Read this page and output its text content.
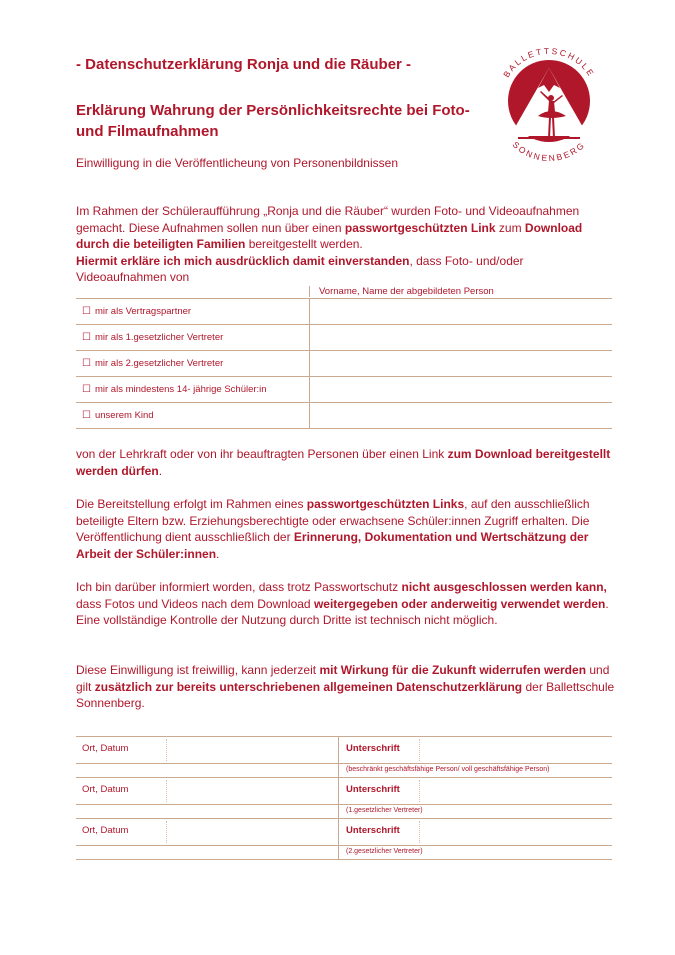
- Datenschutzerklärung Ronja und die Räuber -
Erklärung Wahrung der Persönlichkeitsrechte bei Foto- und Filmaufnahmen
Einwilligung in die Veröffentlicheung von Personenbildnissen
BALLETTSCHULE
SONNENBERG
Im Rahmen der Schüleraufführung „Ronja und die Räuber“ wurden Foto- und Videoaufnahmen gemacht. Diese Aufnahmen sollen nun über einen passwortgeschützten Link zum Download durch die beteiligten Familien bereitgestellt werden.
Hiermit erkläre ich mich ausdrücklich damit einverstanden, dass Foto- und/oder Videoaufnahmen von
Vorname, Name der abgebildeten Person
☐ mir als Vertragspartner
☐ mir als 1.gesetzlicher Vertreter
☐ mir als 2.gesetzlicher Vertreter
☐ mir als mindestens 14- jährige Schüler:in
☐ unserem Kind
von der Lehrkraft oder von ihr beauftragten Personen über einen Link zum Download bereitgestellt werden dürfen.
Die Bereitstellung erfolgt im Rahmen eines passwortgeschützten Links, auf den ausschließlich beteiligte Eltern bzw. Erziehungsberechtigte oder erwachsene Schüler:innen Zugriff erhalten. Die Veröffentlichung dient ausschließlich der Erinnerung, Dokumentation und Wertschätzung der Arbeit der Schüler:innen.
Ich bin darüber informiert worden, dass trotz Passwortschutz nicht ausgeschlossen werden kann, dass Fotos und Videos nach dem Download weitergegeben oder anderweitig verwendet werden. Eine vollständige Kontrolle der Nutzung durch Dritte ist technisch nicht möglich.
Diese Einwilligung ist freiwillig, kann jederzeit mit Wirkung für die Zukunft widerrufen werden und gilt zusätzlich zur bereits unterschriebenen allgemeinen Datenschutzerklärung der Ballettschule Sonnenberg.
Ort, Datum	Unterschrift
(beschränkt geschäftsfähige Person/ voll geschäftsfähige Person)
Ort, Datum	Unterschrift
(1.gesetzlicher Vertreter)
Ort, Datum	Unterschrift
(2.gesetzlicher Vertreter)
